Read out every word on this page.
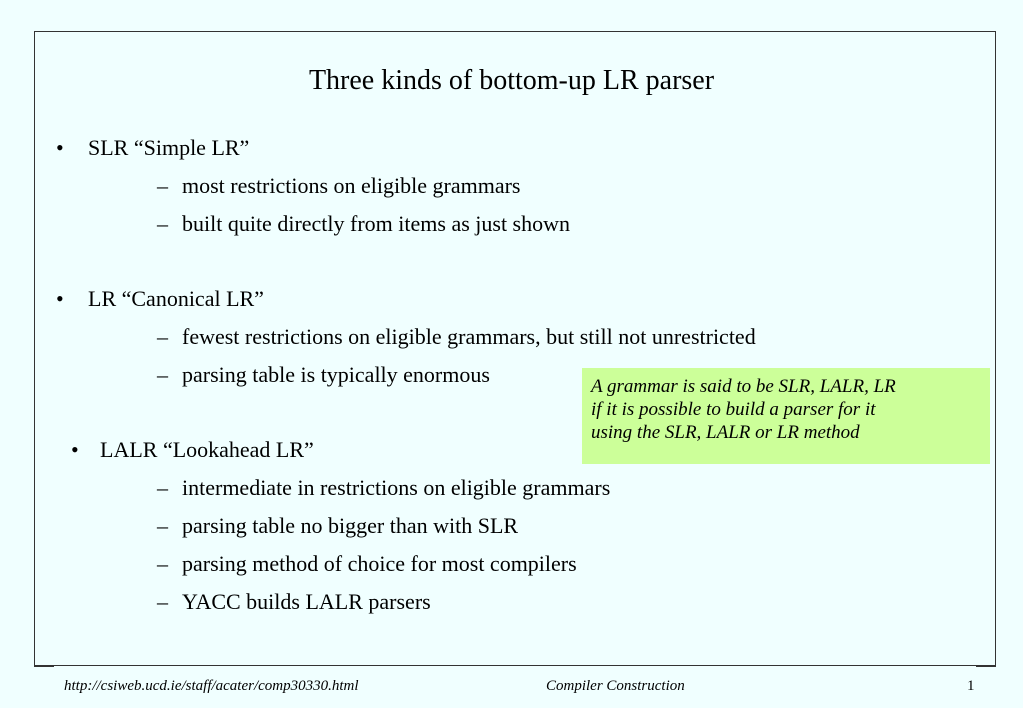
Three kinds of bottom-up LR parser
• SLR “Simple LR”
– most restrictions on eligible grammars
– built quite directly from items as just shown
• LR “Canonical LR”
– fewest restrictions on eligible grammars, but still not unrestricted
– parsing table is typically enormous
• LALR “Lookahead LR”
– intermediate in restrictions on eligible grammars
– parsing table no bigger than with SLR
– parsing method of choice for most compilers
– YACC builds LALR parsers
A grammar is said to be SLR, LALR, LR
if it is possible to build a parser for it
using the SLR, LALR or LR method
http://csiweb.ucd.ie/staff/acater/comp30330.html	Compiler Construction	1
